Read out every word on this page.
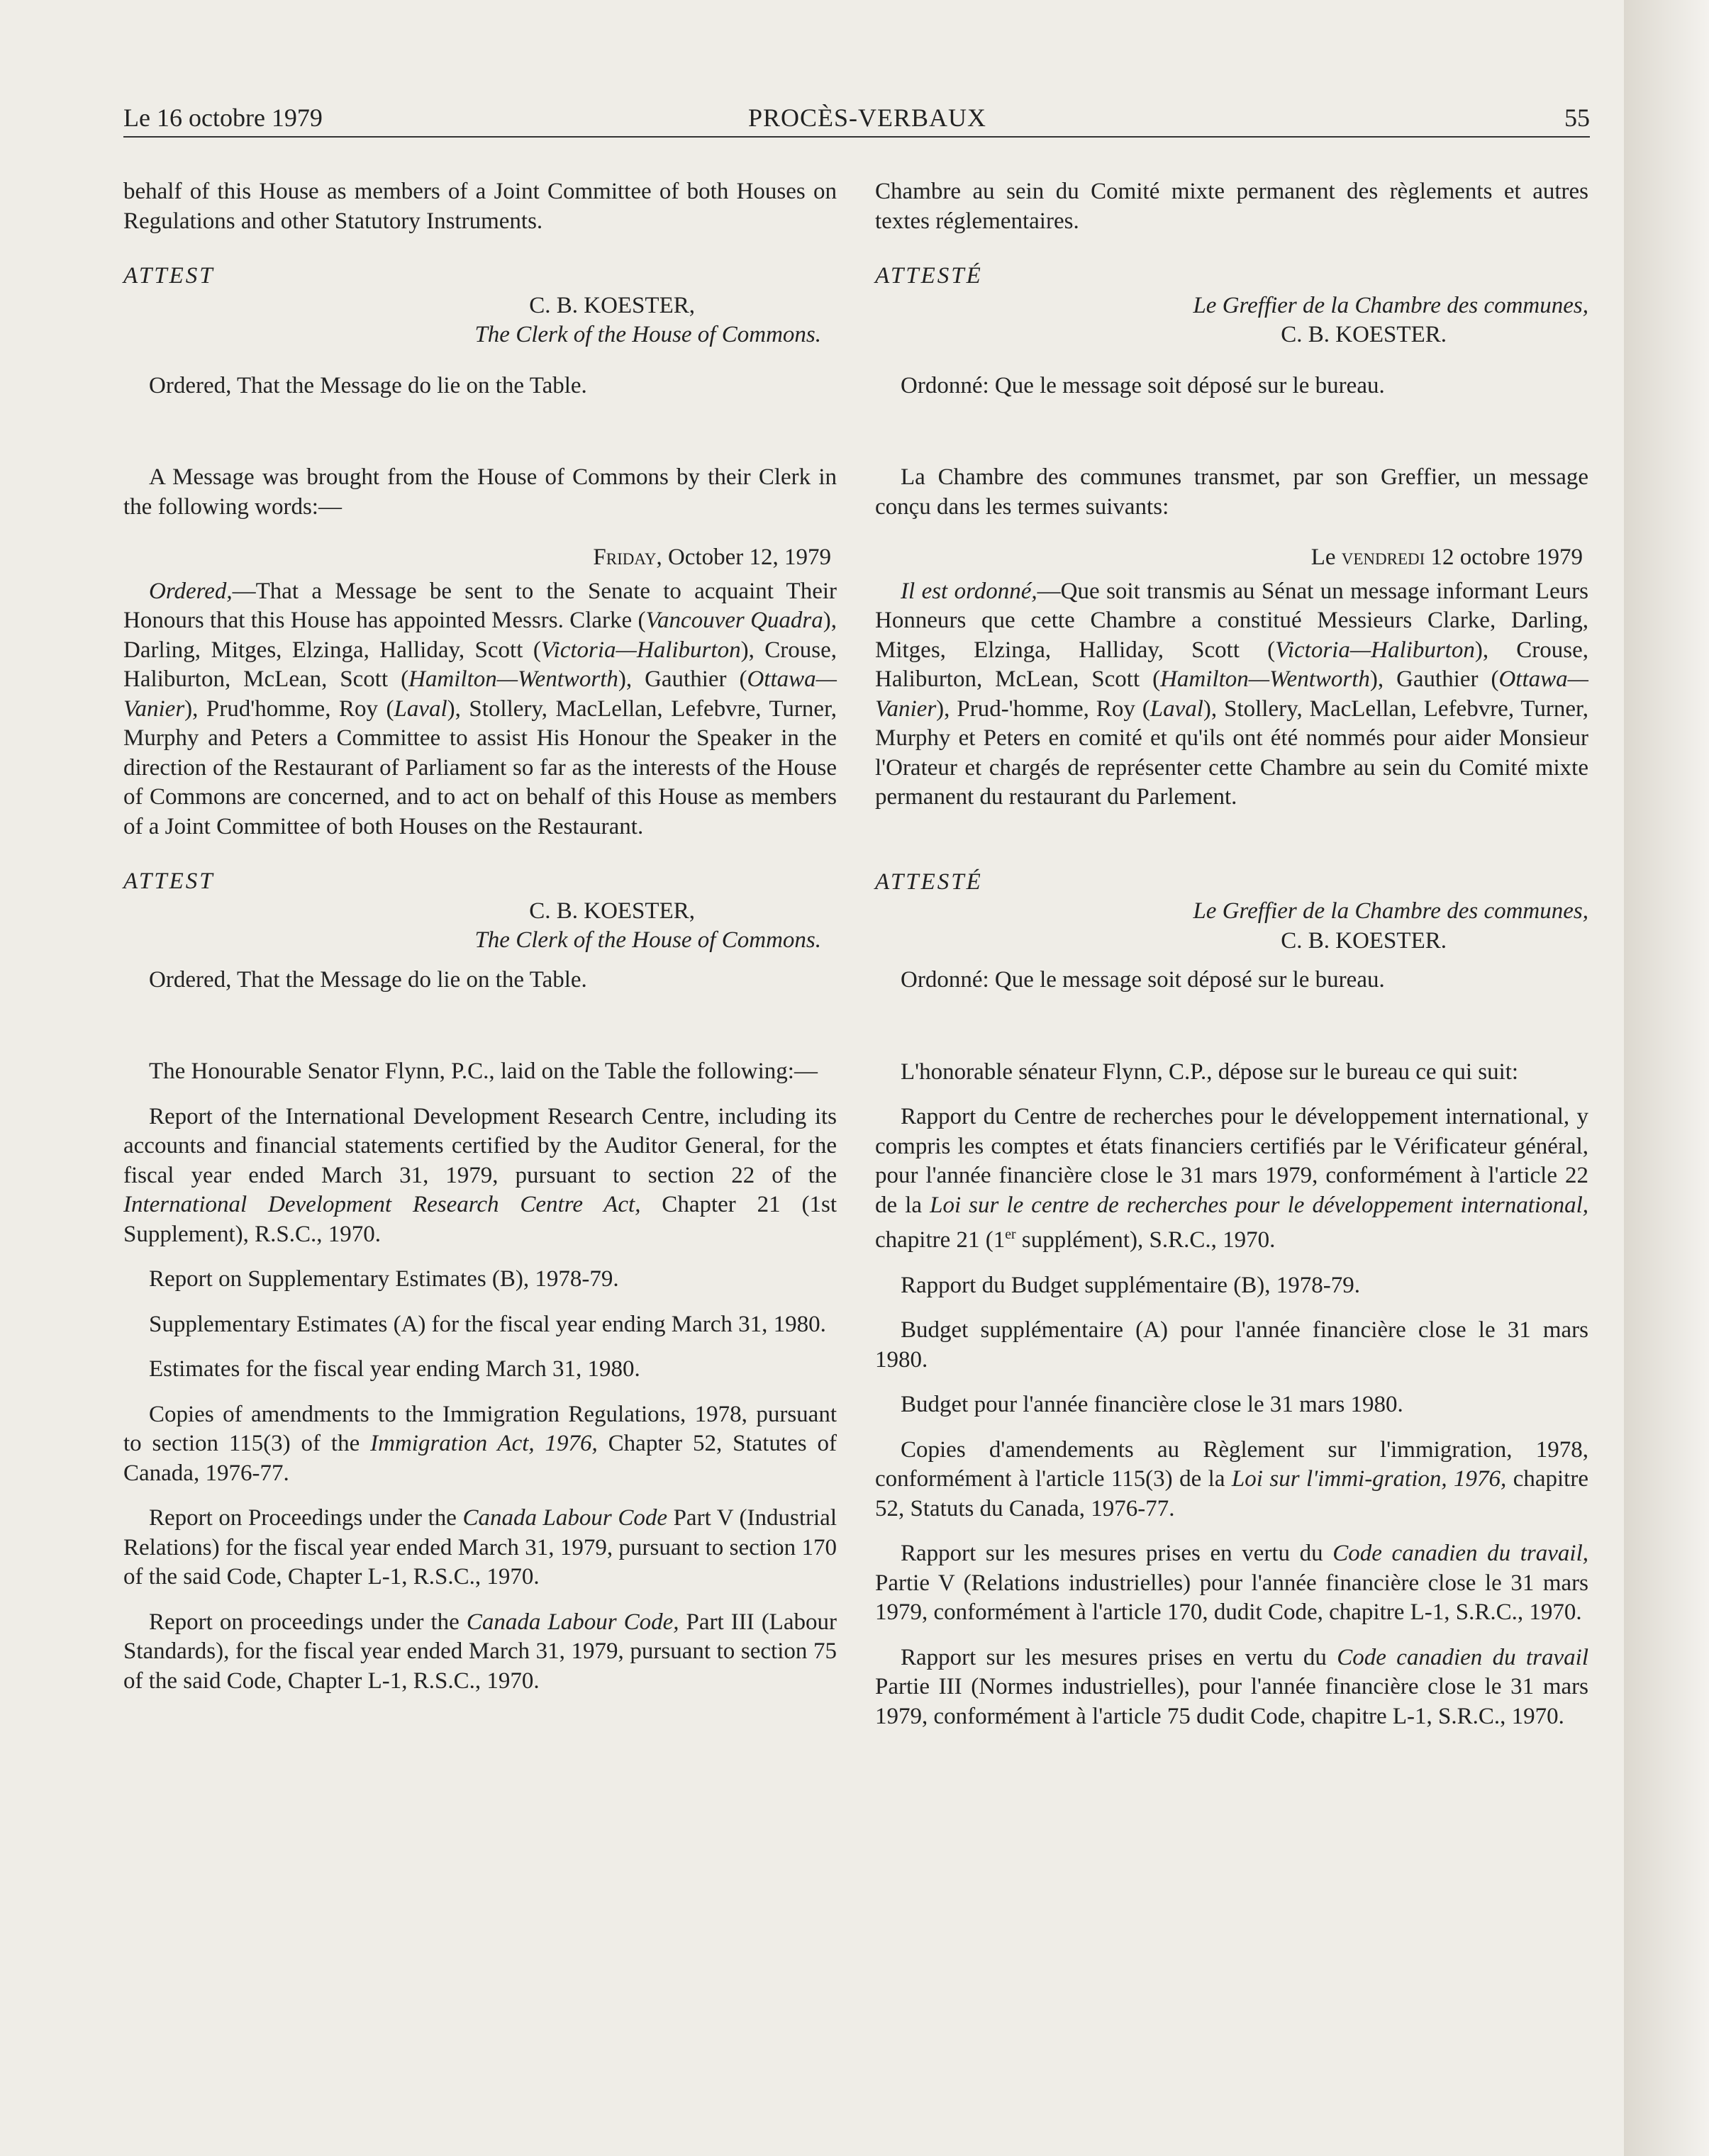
Le 16 octobre 1979	PROCÈS-VERBAUX	55

behalf of this House as members of a Joint Committee of both Houses on Regulations and other Statutory Instruments.

ATTEST

C. B. KOESTER,

The Clerk of the House of Commons.

Ordered, That the Message do lie on the Table.

A Message was brought from the House of Commons by their Clerk in the following words:—

Friday, October 12, 1979

Ordered,—That a Message be sent to the Senate to acquaint Their Honours that this House has appointed Messrs. Clarke (Vancouver Quadra), Darling, Mitges, Elzinga, Halliday, Scott (Victoria—Haliburton), Crouse, Haliburton, McLean, Scott (Hamilton—Wentworth), Gauthier (Ottawa—Vanier), Prud'homme, Roy (Laval), Stollery, MacLellan, Lefebvre, Turner, Murphy and Peters a Committee to assist His Honour the Speaker in the direction of the Restaurant of Parliament so far as the interests of the House of Commons are concerned, and to act on behalf of this House as members of a Joint Committee of both Houses on the Restaurant.

ATTEST

C. B. KOESTER,

The Clerk of the House of Commons.

Ordered, That the Message do lie on the Table.

The Honourable Senator Flynn, P.C., laid on the Table the following:—

Report of the International Development Research Centre, including its accounts and financial statements certified by the Auditor General, for the fiscal year ended March 31, 1979, pursuant to section 22 of the International Development Research Centre Act, Chapter 21 (1st Supplement), R.S.C., 1970.

Report on Supplementary Estimates (B), 1978-79.

Supplementary Estimates (A) for the fiscal year ending March 31, 1980.

Estimates for the fiscal year ending March 31, 1980.

Copies of amendments to the Immigration Regulations, 1978, pursuant to section 115(3) of the Immigration Act, 1976, Chapter 52, Statutes of Canada, 1976-77.

Report on Proceedings under the Canada Labour Code Part V (Industrial Relations) for the fiscal year ended March 31, 1979, pursuant to section 170 of the said Code, Chapter L-1, R.S.C., 1970.

Report on proceedings under the Canada Labour Code, Part III (Labour Standards), for the fiscal year ended March 31, 1979, pursuant to section 75 of the said Code, Chapter L-1, R.S.C., 1970.

Chambre au sein du Comité mixte permanent des règlements et autres textes réglementaires.

ATTESTÉ

Le Greffier de la Chambre des communes,

C. B. KOESTER.

Ordonné: Que le message soit déposé sur le bureau.

La Chambre des communes transmet, par son Greffier, un message conçu dans les termes suivants:

Le vendredi 12 octobre 1979

Il est ordonné,—Que soit transmis au Sénat un message informant Leurs Honneurs que cette Chambre a constitué Messieurs Clarke, Darling, Mitges, Elzinga, Halliday, Scott (Victoria—Haliburton), Crouse, Haliburton, McLean, Scott (Hamilton—Wentworth), Gauthier (Ottawa—Vanier), Prud-'homme, Roy (Laval), Stollery, MacLellan, Lefebvre, Turner, Murphy et Peters en comité et qu'ils ont été nommés pour aider Monsieur l'Orateur et chargés de représenter cette Chambre au sein du Comité mixte permanent du restaurant du Parlement.

ATTESTÉ

Le Greffier de la Chambre des communes,

C. B. KOESTER.

Ordonné: Que le message soit déposé sur le bureau.

L'honorable sénateur Flynn, C.P., dépose sur le bureau ce qui suit:

Rapport du Centre de recherches pour le développement international, y compris les comptes et états financiers certifiés par le Vérificateur général, pour l'année financière close le 31 mars 1979, conformément à l'article 22 de la Loi sur le centre de recherches pour le développement international, chapitre 21 (1er supplément), S.R.C., 1970.

Rapport du Budget supplémentaire (B), 1978-79.

Budget supplémentaire (A) pour l'année financière close le 31 mars 1980.

Budget pour l'année financière close le 31 mars 1980.

Copies d'amendements au Règlement sur l'immigration, 1978, conformément à l'article 115(3) de la Loi sur l'immi-gration, 1976, chapitre 52, Statuts du Canada, 1976-77.

Rapport sur les mesures prises en vertu du Code canadien du travail, Partie V (Relations industrielles) pour l'année financière close le 31 mars 1979, conformément à l'article 170, dudit Code, chapitre L-1, S.R.C., 1970.

Rapport sur les mesures prises en vertu du Code canadien du travail Partie III (Normes industrielles), pour l'année financière close le 31 mars 1979, conformément à l'article 75 dudit Code, chapitre L-1, S.R.C., 1970.
